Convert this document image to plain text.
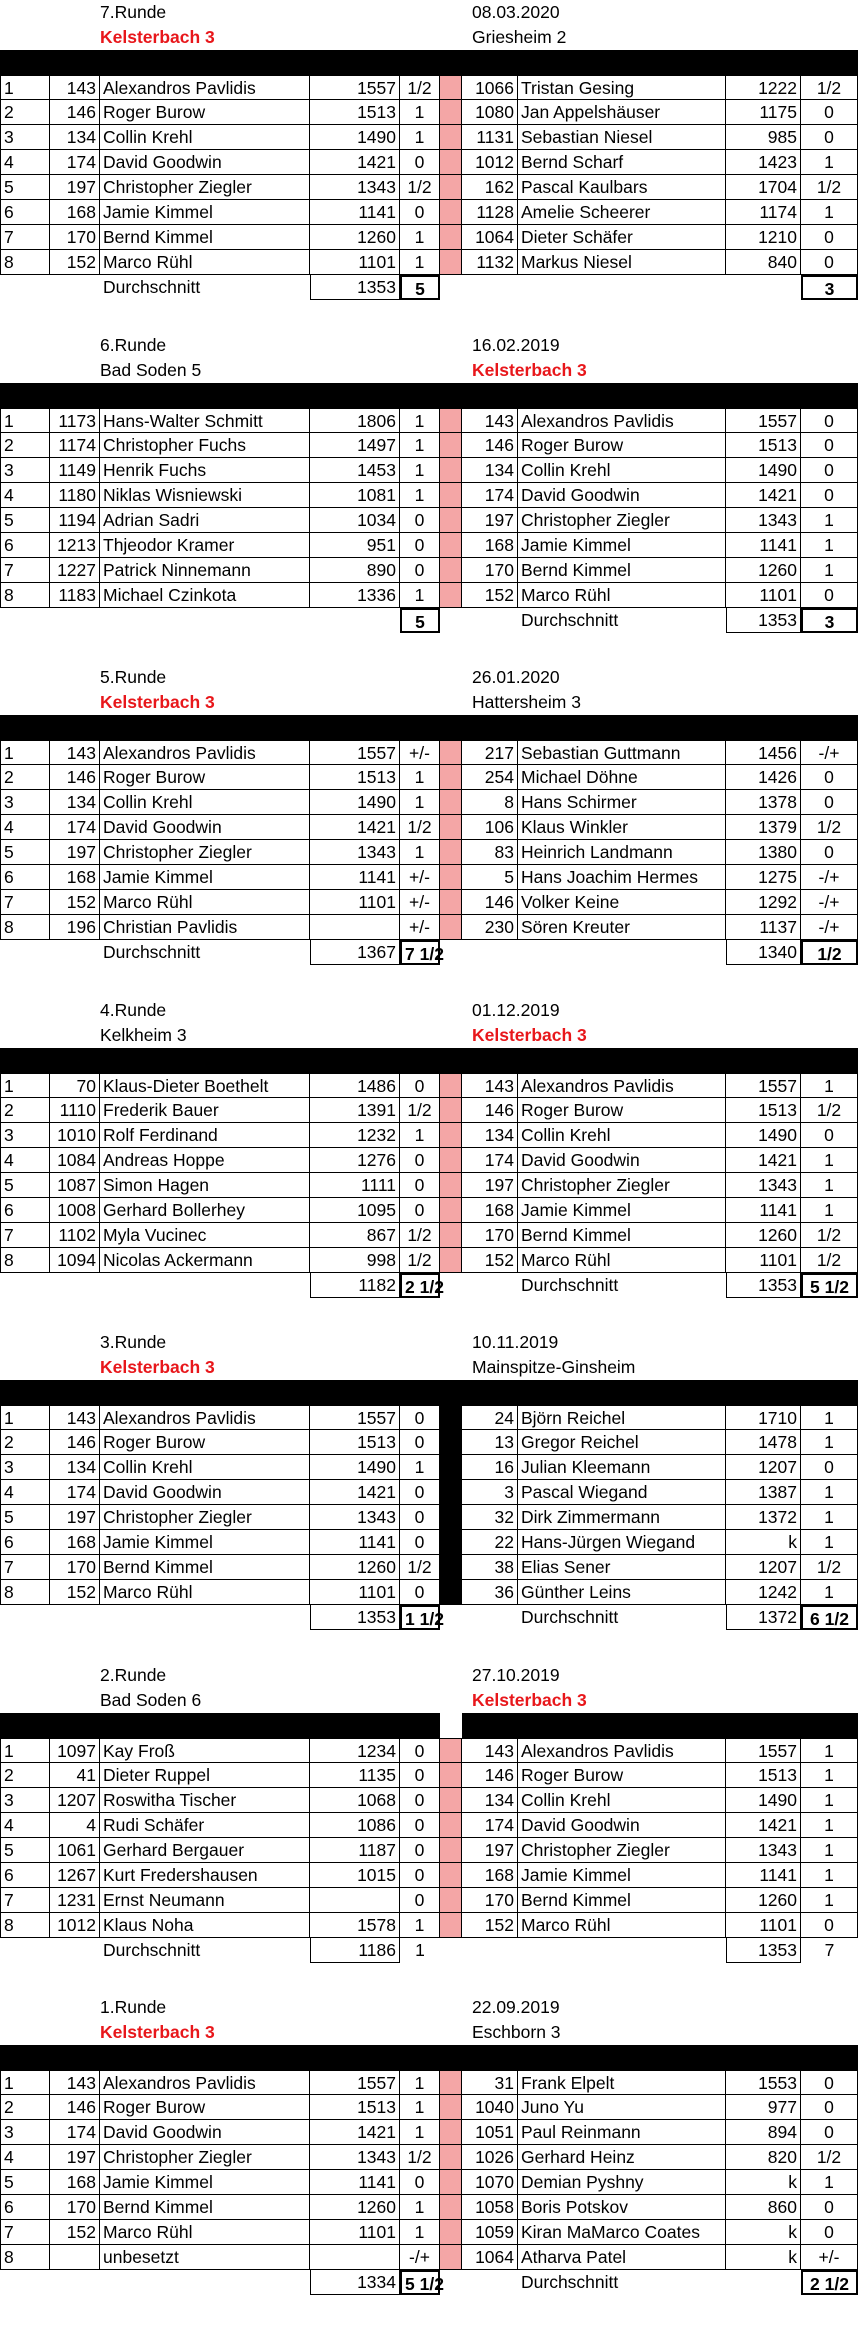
7.Runde	08.03.2020
Kelsterbach 3	Griesheim 2
1	143 Alexandros Pavlidis	1557 1/2	1066 Tristan Gesing	1222	1/2
2	146 Roger Burow	1513	1	1080 Jan Appelshäuser	1175	0
3	134 Collin Krehl	1490	1	1131 Sebastian Niesel	985	0
4	174 David Goodwin	1421	0	1012 Bernd Scharf	1423	1
5	197 Christopher Ziegler	1343 1/2	162 Pascal Kaulbars	1704	1/2
6	168 Jamie Kimmel	1141	0	1128 Amelie Scheerer	1174	1
7	170 Bernd Kimmel	1260	1	1064 Dieter Schäfer	1210	0
8	152 Marco Rühl	1101	1	1132 Markus Niesel	840	0
Durchschnitt	1353	5	3
6.Runde	16.02.2019
Bad Soden 5	Kelsterbach 3
1	1173 Hans-Walter Schmitt	1806	1	143 Alexandros Pavlidis	1557	0
2	1174 Christopher Fuchs	1497	1	146 Roger Burow	1513	0
3	1149 Henrik Fuchs	1453	1	134 Collin Krehl	1490	0
4	1180 Niklas Wisniewski	1081	1	174 David Goodwin	1421	0
5	1194 Adrian Sadri	1034	0	197 Christopher Ziegler	1343	1
6	1213 Thjeodor Kramer	951	0	168 Jamie Kimmel	1141	1
7	1227 Patrick Ninnemann	890	0	170 Bernd Kimmel	1260	1
8	1183 Michael Czinkota	1336	1	152 Marco Rühl	1101	0
5	Durchschnitt	1353	3
5.Runde	26.01.2020
Kelsterbach 3	Hattersheim 3
1	143 Alexandros Pavlidis	1557 +/-	217 Sebastian Guttmann	1456	-/+
2	146 Roger Burow	1513	1	254 Michael Döhne	1426	0
3	134 Collin Krehl	1490	1	8 Hans Schirmer	1378	0
4	174 David Goodwin	1421 1/2	106 Klaus Winkler	1379	1/2
5	197 Christopher Ziegler	1343	1	83 Heinrich Landmann	1380	0
6	168 Jamie Kimmel	1141 +/-	5 Hans Joachim Hermes	1275	-/+
7	152 Marco Rühl	1101 +/-	146 Volker Keine	1292	-/+
8	196 Christian Pavlidis	+/-	230 Sören Kreuter	1137	-/+
Durchschnitt	1367 7 1/2	1340	1/2
4.Runde	01.12.2019
Kelkheim 3	Kelsterbach 3
1	70 Klaus-Dieter Boethelt	1486	0	143 Alexandros Pavlidis	1557	1
2	1110 Frederik Bauer	1391 1/2	146 Roger Burow	1513	1/2
3	1010 Rolf Ferdinand	1232	1	134 Collin Krehl	1490	0
4	1084 Andreas Hoppe	1276	0	174 David Goodwin	1421	1
5	1087 Simon Hagen	1111	0	197 Christopher Ziegler	1343	1
6	1008 Gerhard Bollerhey	1095	0	168 Jamie Kimmel	1141	1
7	1102 Myla Vucinec	867 1/2	170 Bernd Kimmel	1260	1/2
8	1094 Nicolas Ackermann	998 1/2	152 Marco Rühl	1101	1/2
1182 2 1/2	Durchschnitt	1353 5 1/2
3.Runde	10.11.2019
Kelsterbach 3	Mainspitze-Ginsheim
1	143 Alexandros Pavlidis	1557	0	24 Björn Reichel	1710	1
2	146 Roger Burow	1513	0	13 Gregor Reichel	1478	1
3	134 Collin Krehl	1490	1	16 Julian Kleemann	1207	0
4	174 David Goodwin	1421	0	3 Pascal Wiegand	1387	1
5	197 Christopher Ziegler	1343	0	32 Dirk Zimmermann	1372	1
6	168 Jamie Kimmel	1141	0	22 Hans-Jürgen Wiegand	k	1
7	170 Bernd Kimmel	1260 1/2	38 Elias Sener	1207	1/2
8	152 Marco Rühl	1101	0	36 Günther Leins	1242	1
1353 1 1/2	Durchschnitt	1372 6 1/2
2.Runde	27.10.2019
Bad Soden 6	Kelsterbach 3
1	1097 Kay Froß	1234	0	143 Alexandros Pavlidis	1557	1
2	41 Dieter Ruppel	1135	0	146 Roger Burow	1513	1
3	1207 Roswitha Tischer	1068	0	134 Collin Krehl	1490	1
4	4 Rudi Schäfer	1086	0	174 David Goodwin	1421	1
5	1061 Gerhard Bergauer	1187	0	197 Christopher Ziegler	1343	1
6	1267 Kurt Fredershausen	1015	0	168 Jamie Kimmel	1141	1
7	1231 Ernst Neumann	0	170 Bernd Kimmel	1260	1
8	1012 Klaus Noha	1578	1	152 Marco Rühl	1101	0
Durchschnitt	1186	1	1353	7
1.Runde	22.09.2019
Kelsterbach 3	Eschborn 3
1	143 Alexandros Pavlidis	1557	1	31 Frank Elpelt	1553	0
2	146 Roger Burow	1513	1	1040 Juno Yu	977	0
3	174 David Goodwin	1421	1	1051 Paul Reinmann	894	0
4	197 Christopher Ziegler	1343 1/2	1026 Gerhard Heinz	820	1/2
5	168 Jamie Kimmel	1141	0	1070 Demian Pyshny	k	1
6	170 Bernd Kimmel	1260	1	1058 Boris Potskov	860	0
7	152 Marco Rühl	1101	1	1059 Kiran MaMarco Coates	k	0
8	unbesetzt	-/+	1064 Atharva Patel	k	+/-
1334 5 1/2	Durchschnitt	2 1/2
